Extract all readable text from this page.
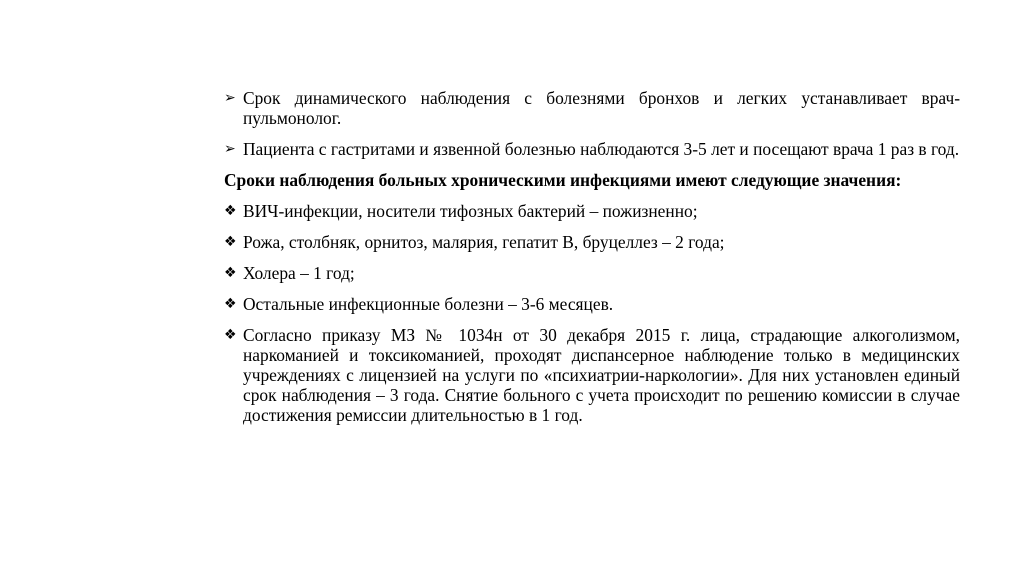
➢ Срок динамического наблюдения с болезнями бронхов и легких устанавливает врач-пульмонолог.
➢ Пациента с гастритами и язвенной болезнью наблюдаются 3-5 лет и посещают врача 1 раз в год.
Сроки наблюдения больных хроническими инфекциями имеют следующие значения:
❖ ВИЧ-инфекции, носители тифозных бактерий – пожизненно;
❖ Рожа, столбняк, орнитоз, малярия, гепатит В, бруцеллез – 2 года;
❖ Холера – 1 год;
❖ Остальные инфекционные болезни – 3-6 месяцев.
❖ Согласно приказу МЗ № 1034н от 30 декабря 2015 г. лица, страдающие алкоголизмом, наркоманией и токсикоманией, проходят диспансерное наблюдение только в медицинских учреждениях с лицензией на услуги по «психиатрии-наркологии». Для них установлен единый срок наблюдения – 3 года. Снятие больного с учета происходит по решению комиссии в случае достижения ремиссии длительностью в 1 год.
